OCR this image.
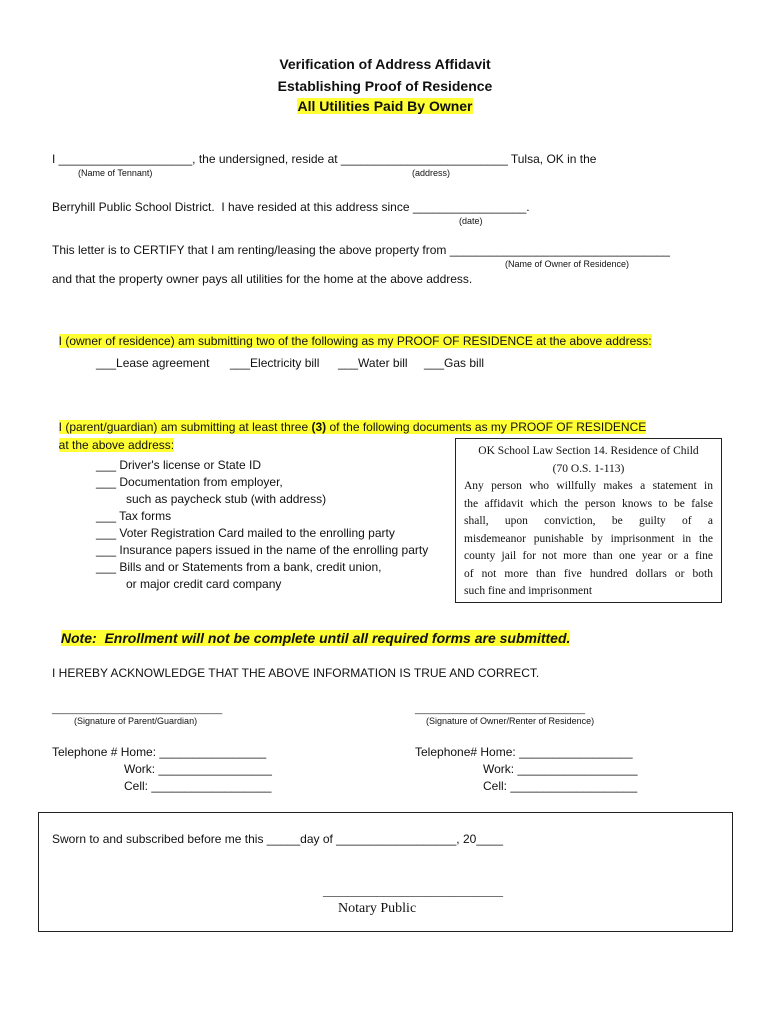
Verification of Address Affidavit
Establishing Proof of Residence
All Utilities Paid By Owner
I ____________________, the undersigned, reside at _________________________ Tulsa, OK in the
(Name of Tennant)	(address)
Berryhill Public School District.  I have resided at this address since _________________.
(date)
This letter is to CERTIFY that I am renting/leasing the above property from _________________________________
(Name of Owner of Residence)
and that the property owner pays all utilities for the home at the above address.

I (owner of residence) am submitting two of the following as my PROOF OF RESIDENCE at the above address:

___Lease agreement ___Electricity bill ___Water bill ___Gas bill

I (parent/guardian) am submitting at least three (3) of the following documents as my PROOF OF RESIDENCE

at the above address:

___ Driver's license or State ID
___ Documentation from employer,
such as paycheck stub (with address)
___ Tax forms
___ Voter Registration Card mailed to the enrolling party
___ Insurance papers issued in the name of the enrolling party
___ Bills and or Statements from a bank, credit union,
or major credit card company
OK School Law Section 14. Residence of Child
(70 O.S. 1-113)
Any person who willfully makes a statement in
the affidavit which the person knows to be false
shall, upon conviction, be guilty of a
misdemeanor punishable by imprisonment in the
county jail for not more than one year or a fine
of not more than five hundred dollars or both
such fine and imprisonment

Note:  Enrollment will not be complete until all required forms are submitted.

I HEREBY ACKNOWLEDGE THAT THE ABOVE INFORMATION IS TRUE AND CORRECT.
__________________________________
(Signature of Parent/Guardian)
__________________________________
(Signature of Owner/Renter of Residence)
Telephone # Home: ________________
Work: _________________
Cell: __________________
Telephone# Home: _________________
Work: __________________
Cell: ___________________
Sworn to and subscribed before me this _____day of __________________, 20____
______________________________
Notary Public
